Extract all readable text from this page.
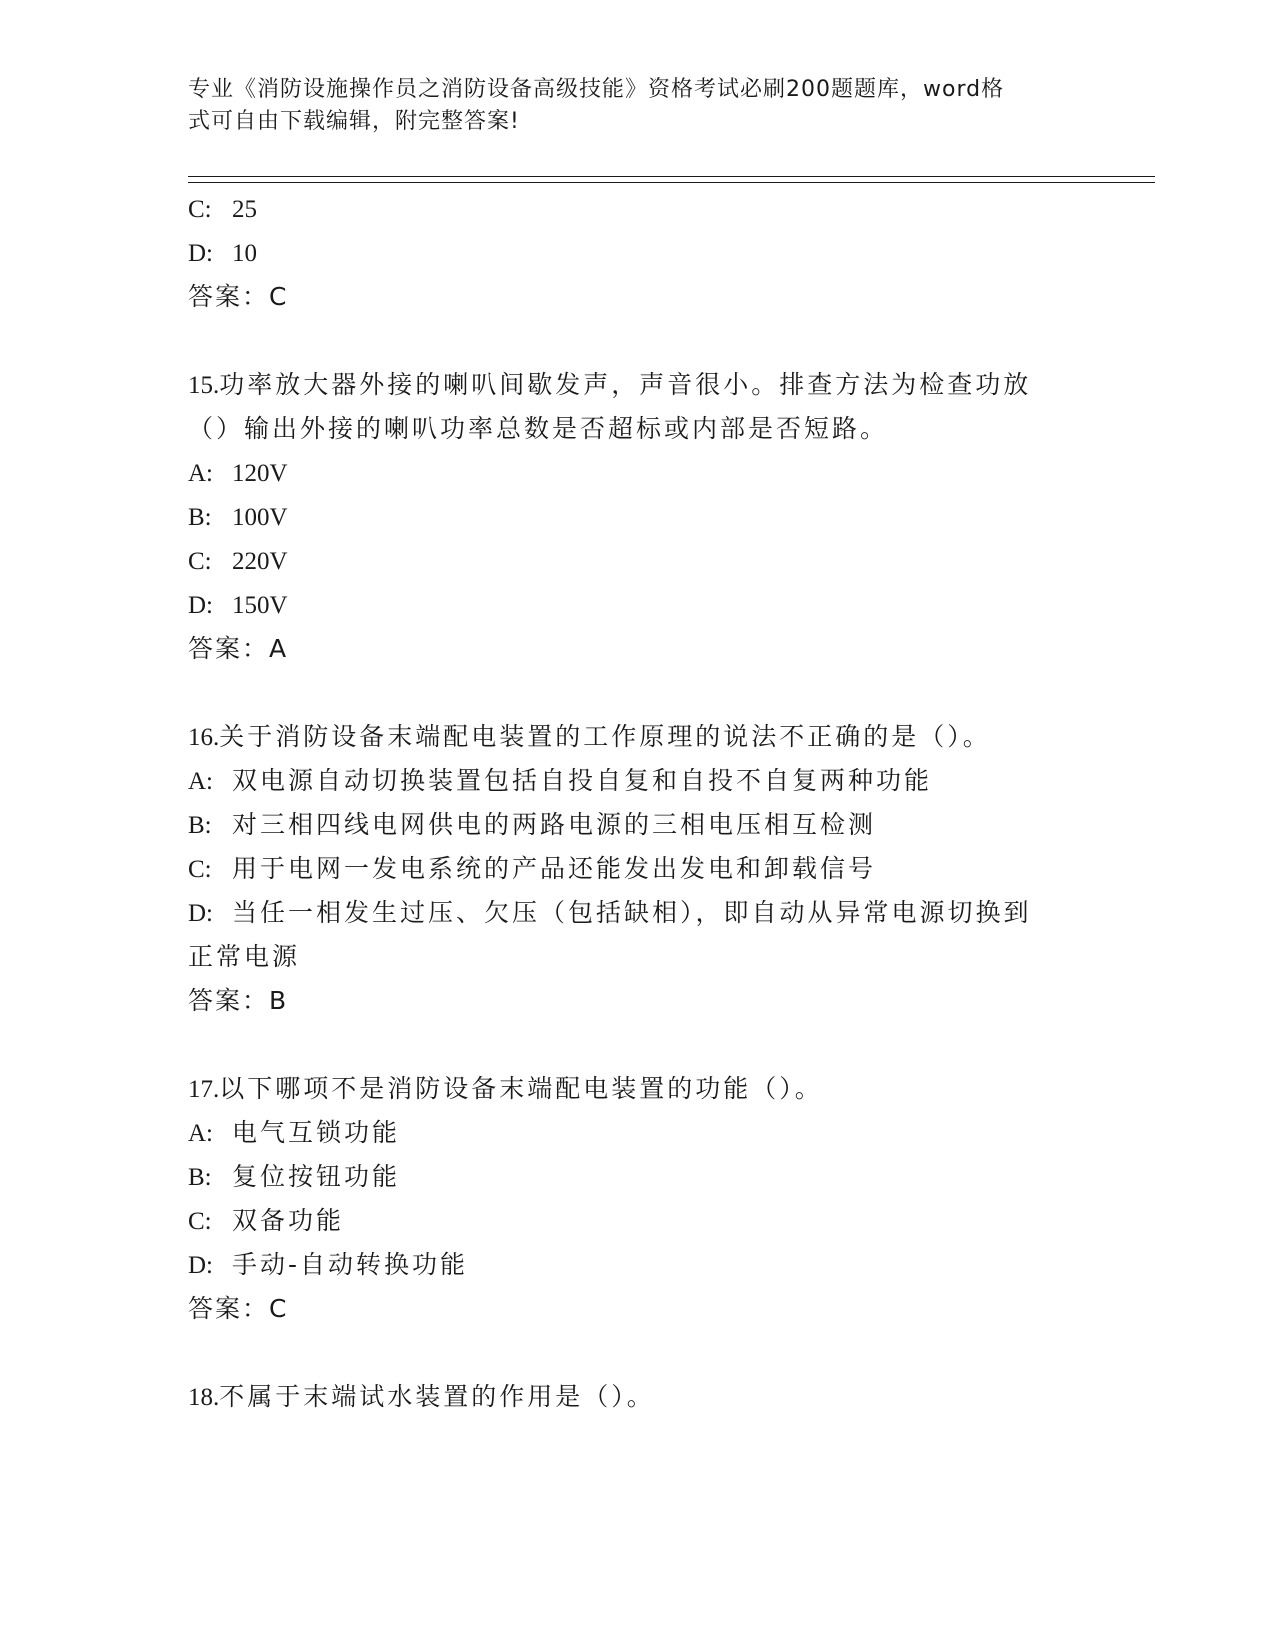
专业《消防设施操作员之消防设备高级技能》资格考试必刷200题题库，word格
式可自由下载编辑，附完整答案!
C: 25
D: 10
答案：C
15.功率放大器外接的喇叭间歇发声，声音很小。排查方法为检查功放
（）输出外接的喇叭功率总数是否超标或内部是否短路。
A: 120V
B: 100V
C: 220V
D: 150V
答案：A
16.关于消防设备末端配电装置的工作原理的说法不正确的是（）。
A: 双电源自动切换装置包括自投自复和自投不自复两种功能
B: 对三相四线电网供电的两路电源的三相电压相互检测
C: 用于电网一发电系统的产品还能发出发电和卸载信号
D: 当任一相发生过压、欠压（包括缺相），即自动从异常电源切换到
正常电源
答案：B
17.以下哪项不是消防设备末端配电装置的功能（）。
A: 电气互锁功能
B: 复位按钮功能
C: 双备功能
D: 手动-自动转换功能
答案：C
18.不属于末端试水装置的作用是（）。
